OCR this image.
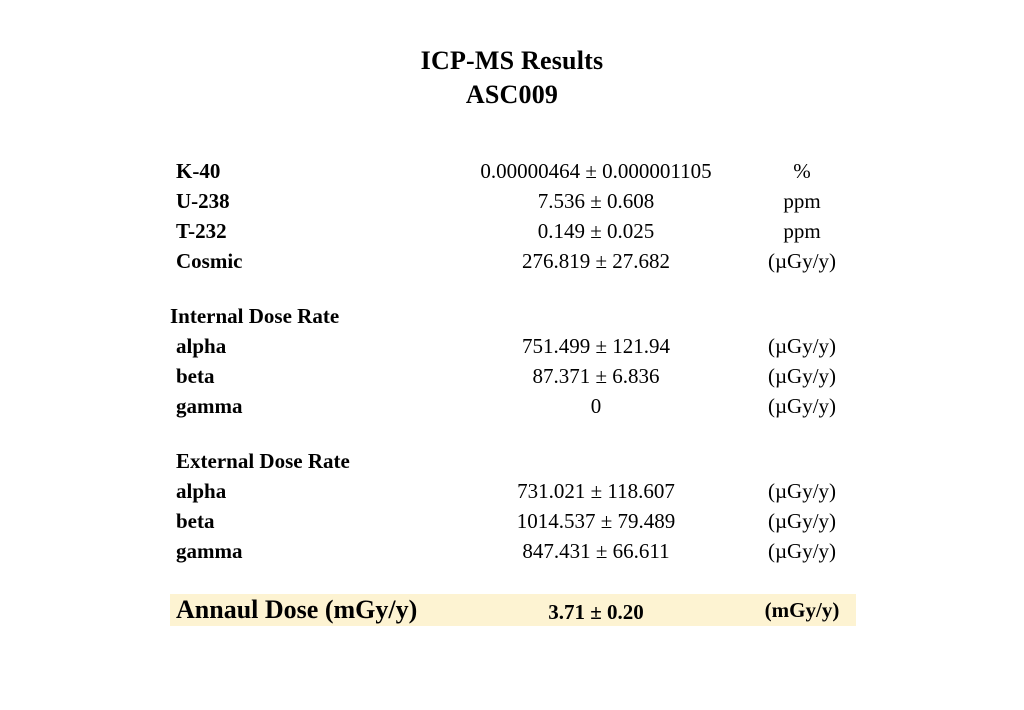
ICP-MS Results
ASC009
K-40	0.00000464 ± 0.000001105	%
U-238	7.536 ± 0.608	ppm
T-232	0.149 ± 0.025	ppm
Cosmic	276.819 ± 27.682	(µGy/y)
Internal Dose Rate
alpha	751.499 ± 121.94	(µGy/y)
beta	87.371 ± 6.836	(µGy/y)
gamma	0	(µGy/y)
External Dose Rate
alpha	731.021 ± 118.607	(µGy/y)
beta	1014.537 ± 79.489	(µGy/y)
gamma	847.431 ± 66.611	(µGy/y)
Annaul Dose (mGy/y)	3.71 ± 0.20	(mGy/y)
